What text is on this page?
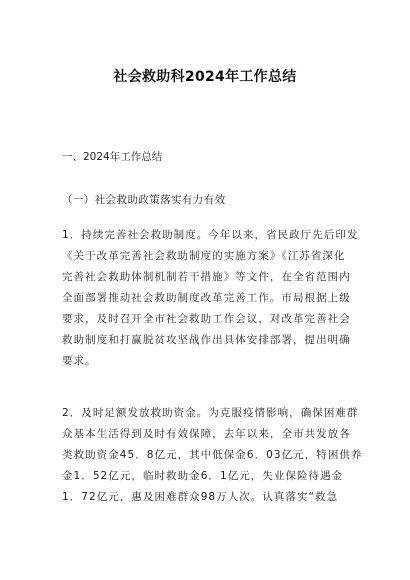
社会救助科2024年工作总结
一、2024年工作总结
（一）社会救助政策落实有力有效
1．持续完善社会救助制度。今年以来，省民政厅先后印发
《关于改革完善社会救助制度的实施方案》《江苏省深化
完善社会救助体制机制若干措施》等文件，在全省范围内
全面部署推动社会救助制度改革完善工作。市局根据上级
要求，及时召开全市社会救助工作会议，对改革完善社会
救助制度和打赢脱贫攻坚战作出具体安排部署，提出明确
要求。
2．及时足额发放救助资金。为克服疫情影响，确保困难群
众基本生活得到及时有效保障，去年以来，全市共发放各
类救助资金45．8亿元，其中低保金6．03亿元，特困供养
金1．52亿元，临时救助金6．1亿元，失业保险待遇金
1．72亿元，惠及困难群众98万人次。认真落实“救急
